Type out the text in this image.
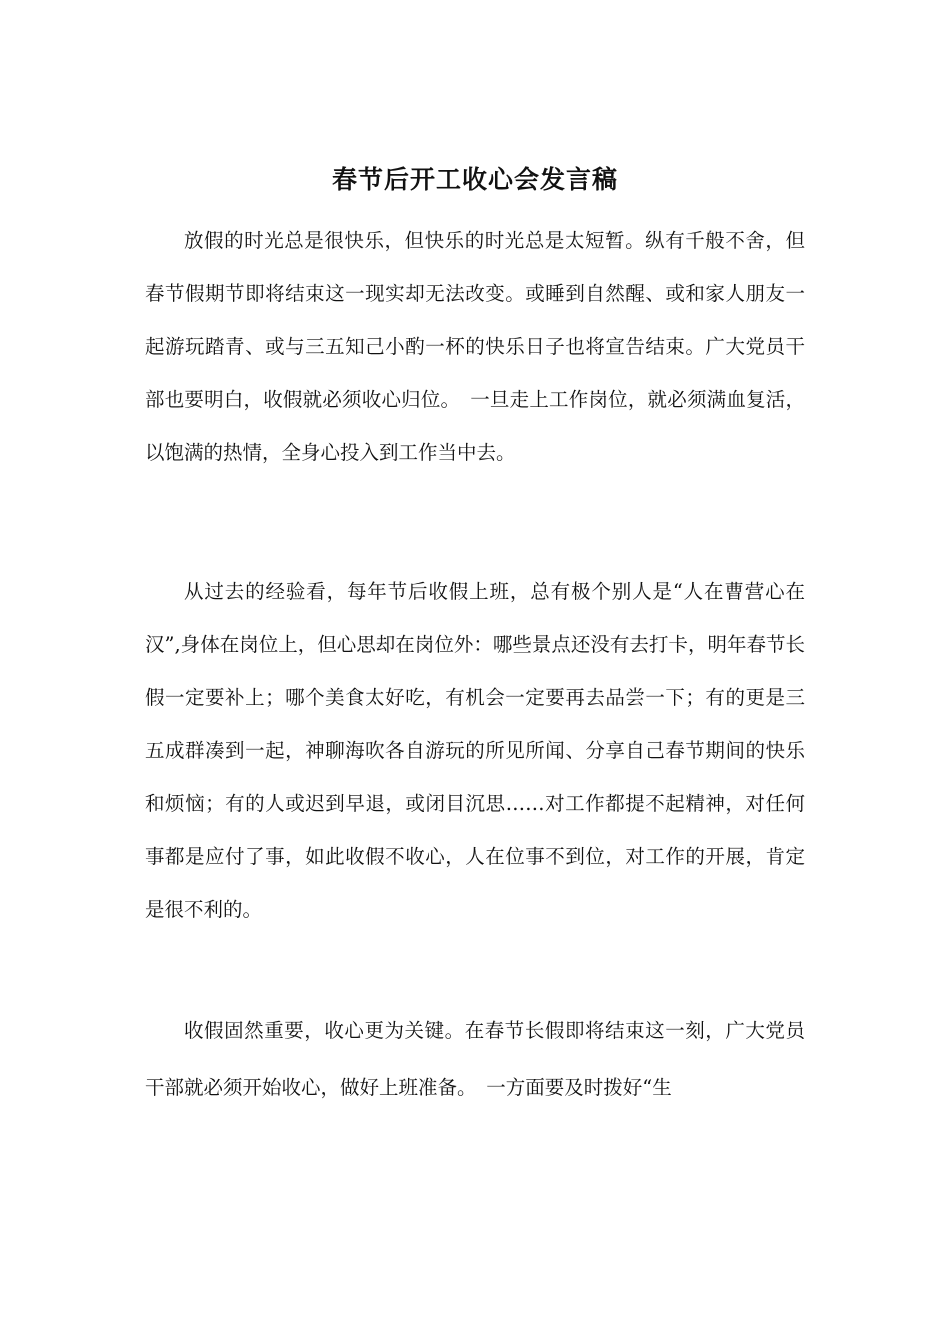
春节后开工收心会发言稿

放假的时光总是很快乐，但快乐的时光总是太短暂。纵有千般不舍，但春节假期节即将结束这一现实却无法改变。或睡到自然醒、或和家人朋友一起游玩踏青、或与三五知己小酌一杯的快乐日子也将宣告结束。广大党员干部也要明白，收假就必须收心归位。　一旦走上工作岗位，就必须满血复活，以饱满的热情，全身心投入到工作当中去。

从过去的经验看，每年节后收假上班，总有极个别人是“人在曹营心在汉”,身体在岗位上，但心思却在岗位外：哪些景点还没有去打卡，明年春节长假一定要补上；哪个美食太好吃，有机会一定要再去品尝一下；有的更是三五成群凑到一起，神聊海吹各自游玩的所见所闻、分享自己春节期间的快乐和烦恼；有的人或迟到早退，或闭目沉思……对工作都提不起精神，对任何事都是应付了事，如此收假不收心，人在位事不到位，对工作的开展，肯定是很不利的。

收假固然重要，收心更为关键。在春节长假即将结束这一刻，广大党员干部就必须开始收心，做好上班准备。　一方面要及时拨好“生
